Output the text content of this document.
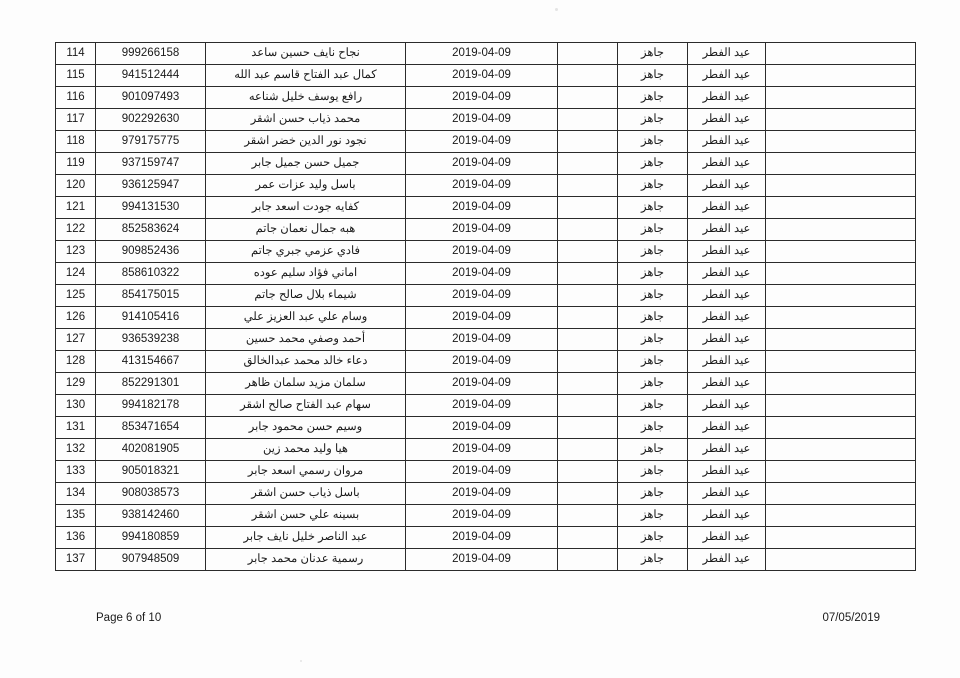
	عيد الفطر	جاهز		2019-04-09	نجاح نايف حسين ساعد	999266158	114
	عيد الفطر	جاهز		2019-04-09	كمال عبد الفتاح قاسم عبد الله	941512444	115
	عيد الفطر	جاهز		2019-04-09	رافع يوسف خليل شناعه	901097493	116
	عيد الفطر	جاهز		2019-04-09	محمد ذياب حسن اشقر	902292630	117
	عيد الفطر	جاهز		2019-04-09	نجود نور الدين خضر اشقر	979175775	118
	عيد الفطر	جاهز		2019-04-09	جميل حسن جميل جابر	937159747	119
	عيد الفطر	جاهز		2019-04-09	باسل وليد عزات عمر	936125947	120
	عيد الفطر	جاهز		2019-04-09	كفايه جودت اسعد جابر	994131530	121
	عيد الفطر	جاهز		2019-04-09	هبه جمال نعمان جاتم	852583624	122
	عيد الفطر	جاهز		2019-04-09	فادي عزمي جبري جاتم	909852436	123
	عيد الفطر	جاهز		2019-04-09	اماني فؤاد سليم عوده	858610322	124
	عيد الفطر	جاهز		2019-04-09	شيماء بلال صالح جاتم	854175015	125
	عيد الفطر	جاهز		2019-04-09	وسام علي عبد العزيز علي	914105416	126
	عيد الفطر	جاهز		2019-04-09	أحمد وصفي محمد حسين	936539238	127
	عيد الفطر	جاهز		2019-04-09	دعاء خالد محمد عبدالخالق	413154667	128
	عيد الفطر	جاهز		2019-04-09	سلمان مزيد سلمان ظاهر	852291301	129
	عيد الفطر	جاهز		2019-04-09	سهام عبد الفتاح صالح اشقر	994182178	130
	عيد الفطر	جاهز		2019-04-09	وسيم حسن محمود جابر	853471654	131
	عيد الفطر	جاهز		2019-04-09	هيا وليد محمد زين	402081905	132
	عيد الفطر	جاهز		2019-04-09	مروان رسمي اسعد جابر	905018321	133
	عيد الفطر	جاهز		2019-04-09	باسل ذياب حسن اشقر	908038573	134
	عيد الفطر	جاهز		2019-04-09	بسينه علي حسن اشقر	938142460	135
	عيد الفطر	جاهز		2019-04-09	عبد الناصر خليل نايف جابر	994180859	136
	عيد الفطر	جاهز		2019-04-09	رسمية عدنان محمد جابر	907948509	137
Page 6 of 10	07/05/2019
